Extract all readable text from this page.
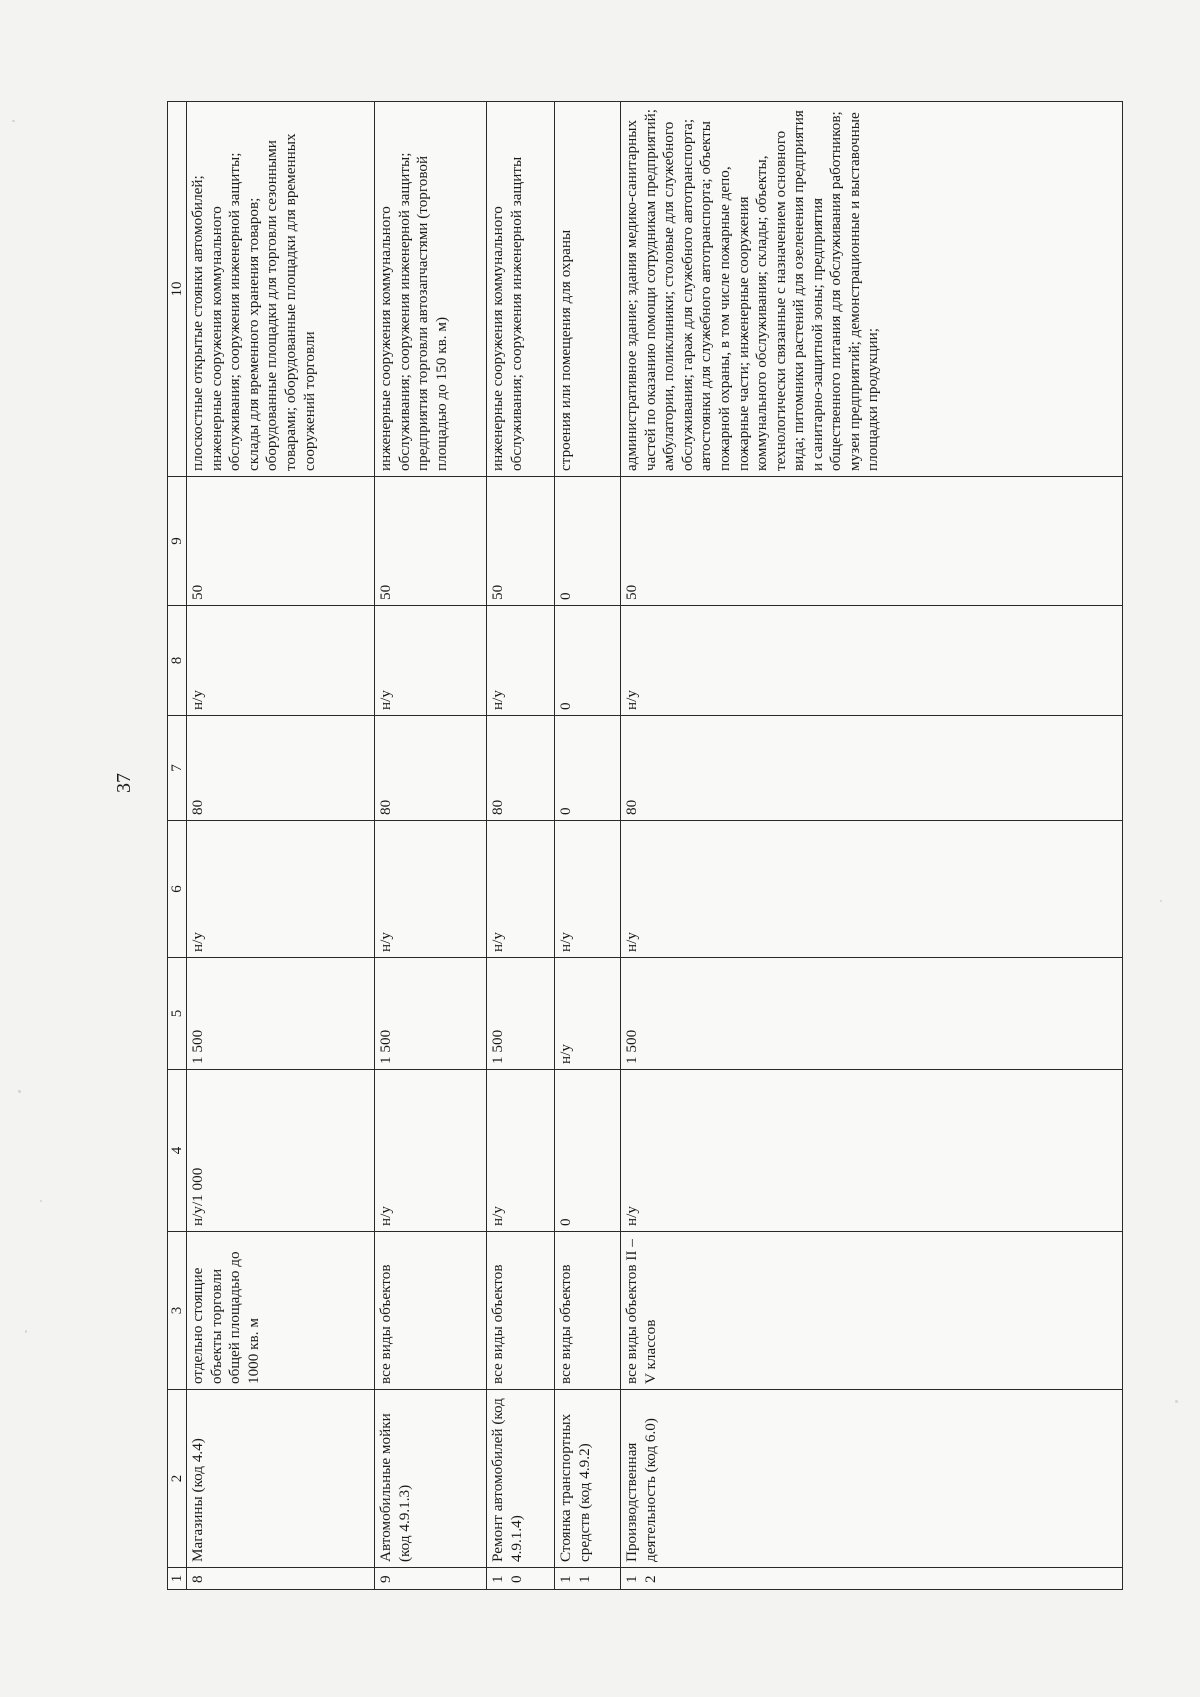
37
1	2	3	4	5	6	7	8	9	10
8	Магазины (код 4.4)	отдельно стоящие объекты торговли общей площадью до 1000 кв. м	н/у/1 000	1 500	н/у	80	н/у	50	плоскостные открытые стоянки автомобилей; инженерные сооружения коммунального обслуживания; сооружения инженерной защиты; склады для временного хранения товаров; оборудованные площадки для торговли сезонными товарами; оборудованные площадки для временных сооружений торговли
9	Автомобильные мойки (код 4.9.1.3)	все виды объектов	н/у	1 500	н/у	80	н/у	50	инженерные сооружения коммунального обслуживания; сооружения инженерной защиты; предприятия торговли автозапчастями (торговой площадью до 150 кв. м)
10	Ремонт автомобилей (код 4.9.1.4)	все виды объектов	н/у	1 500	н/у	80	н/у	50	инженерные сооружения коммунального обслуживания; сооружения инженерной защиты
11	Стоянка транспортных средств (код 4.9.2)	все виды объектов	0	н/у	н/у	0	0	0	строения или помещения для охраны
12	Производственная деятельность (код 6.0)	все виды объектов II – V классов	н/у	1 500	н/у	80	н/у	50	административное здание; здания медико-санитарных частей по оказанию помощи сотрудникам предприятий; амбулатории, поликлиники; столовые для служебного обслуживания; гараж для служебного автотранспорта; автостоянки для служебного автотранспорта; объекты пожарной охраны, в том числе пожарные депо, пожарные части; инженерные сооружения коммунального обслуживания; склады; объекты, технологически связанные с назначением основного вида; питомники растений для озеленения предприятия и санитарно-защитной зоны; предприятия общественного питания для обслуживания работников; музеи предприятий; демонстрационные и выставочные площадки продукции;
